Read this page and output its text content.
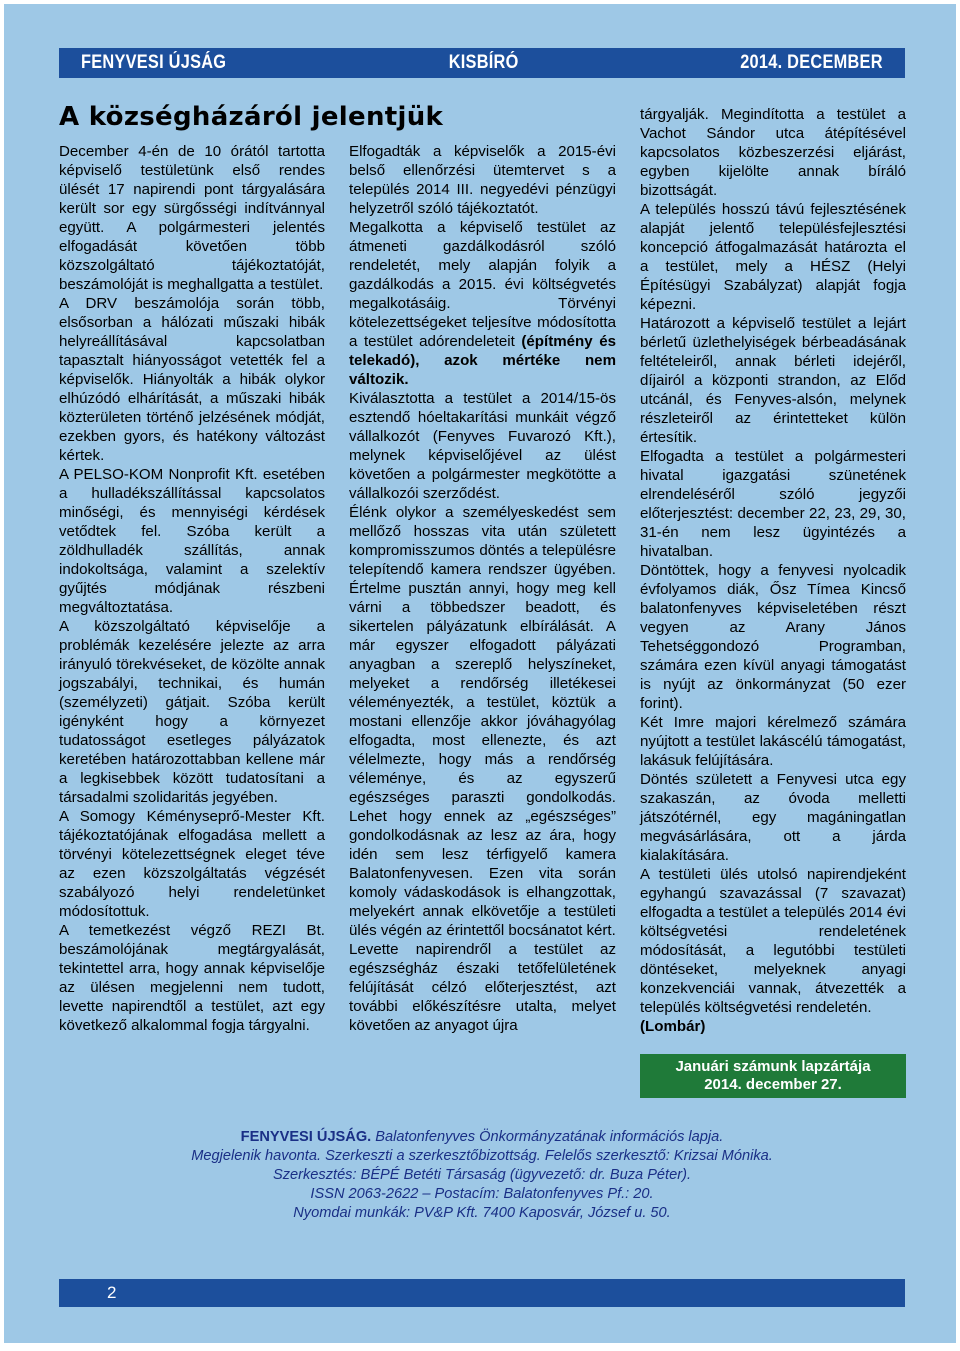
FENYVESI ÚJSÁG	KISBÍRÓ	2014. DECEMBER
A községházáról jelentjük

December 4-én de 10 órától tartotta képviselő testületünk első rendes ülését 17 napirendi pont tárgyalására került sor egy sürgősségi indítvánnyal együtt. A polgármesteri jelentés elfogadását követően több közszolgáltató tájékoztatóját, beszámolóját is meghallgatta a testület.

A DRV beszámolója során több, elsősorban a hálózati műszaki hibák helyreállításával kapcsolatban tapasztalt hiányosságot vetették fel a képviselők. Hiányolták a hibák olykor elhúzódó elhárítását, a műszaki hibák közterületen történő jelzésének módját, ezekben gyors, és hatékony változást kértek.

A PELSO-KOM Nonprofit Kft. esetében a hulladékszállítással kapcsolatos minőségi, és mennyiségi kérdések vetődtek fel. Szóba került a zöldhulladék szállítás, annak indokoltsága, valamint a szelektív gyűjtés módjának részbeni megváltoztatása.

A közszolgáltató képviselője a problémák kezelésére jelezte az arra irányuló törekvéseket, de közölte annak jogszabályi, technikai, és humán (személyzeti) gátjait. Szóba került igényként hogy a környezet tudatosságot esetleges pályázatok keretében határozottabban kellene már a legkisebbek között tudatosítani a társadalmi szolidaritás jegyében.

A Somogy Kéményseprő-Mester Kft. tájékoztatójának elfogadása mellett a törvényi kötelezettségnek eleget téve az ezen közszolgáltatás végzését szabályozó helyi rendeletünket módosítottuk.

A temetkezést végző REZI Bt. beszámolójának megtárgyalását, tekintettel arra, hogy annak képviselője az ülésen megjelenni nem tudott, levette napirendtől a testület, azt egy következő alkalommal fogja tárgyalni.

Elfogadták a képviselők a 2015-évi belső ellenőrzési ütemtervet s a település 2014 III. negyedévi pénzügyi helyzetről szóló tájékoztatót.

Megalkotta a képviselő testület az átmeneti gazdálkodásról szóló rendeletét, mely alapján folyik a gazdálkodás a 2015. évi költségvetés megalkotásáig. Törvényi kötelezettségeket teljesítve módosította a testület adórendeleteit (építmény és telekadó), azok mértéke nem változik.

Kiválasztotta a testület a 2014/15-ös esztendő hóeltakarítási munkáit végző vállalkozót (Fenyves Fuvarozó Kft.), melynek képviselőjével az ülést követően a polgármester megkötötte a vállalkozói szerződést.

Élénk olykor a személyeskedést sem mellőző hosszas vita után született kompromisszumos döntés a településre telepítendő kamera rendszer ügyében. Értelme pusztán annyi, hogy meg kell várni a többedszer beadott, és sikertelen pályázatunk elbírálását. A már egyszer elfogadott pályázati anyagban a szereplő helyszíneket, melyeket a rendőrség illetékesei véleményezték, a testület, köztük a mostani ellenzője akkor jóváhagyólag elfogadta, most ellenezte, és azt vélelmezte, hogy más a rendőrség véleménye, és az egyszerű egészséges paraszti gondolkodás. Lehet hogy ennek az „egészséges” gondolkodásnak az lesz az ára, hogy idén sem lesz térfigyelő kamera Balatonfenyvesen. Ezen vita során komoly vádaskodások is elhangzottak, melyekért annak elkövetője a testületi ülés végén az érintettől bocsánatot kért.

Levette napirendről a testület az egészségház északi tetőfelületének felújítását célzó előterjesztést, azt további előkészítésre utalta, melyet követően az anyagot újra

tárgyalják. Megindította a testület a Vachot Sándor utca átépítésével kapcsolatos közbeszerzési eljárást, egyben kijelölte annak bíráló bizottságát.

A település hosszú távú fejlesztésének alapját jelentő településfejlesztési koncepció átfogalmazását határozta el a testület, mely a HÉSZ (Helyi Építésügyi Szabályzat) alapját fogja képezni.

Határozott a képviselő testület a lejárt bérletű üzlethelyiségek bérbeadásának feltételeiről, annak bérleti idejéről, díjairól a központi strandon, az Előd utcánál, és Fenyves-alsón, melynek részleteiről az érintetteket külön értesítik.

Elfogadta a testület a polgármesteri hivatal igazgatási szünetének elrendeléséről szóló jegyzői előterjesztést: december 22, 23, 29, 30, 31-én nem lesz ügyintézés a hivatalban.

Döntöttek, hogy a fenyvesi nyolcadik évfolyamos diák, Ősz Tímea Kincső balatonfenyves képviseletében részt vegyen az Arany János Tehetséggondozó Programban, számára ezen kívül anyagi támogatást is nyújt az önkormányzat (50 ezer forint).

Két Imre majori kérelmező számára nyújtott a testület lakáscélú támogatást, lakásuk felújítására.

Döntés született a Fenyvesi utca egy szakaszán, az óvoda melletti játszótérnél, egy magáningatlan megvásárlására, ott a járda kialakítására.

A testületi ülés utolsó napirendjeként egyhangú szavazással (7 szavazat) elfogadta a testület a település 2014 évi költségvetési rendeletének módosítását, a legutóbbi testületi döntéseket, melyeknek anyagi konzekvenciái vannak, átvezették a település költségvetési rendeletén.

(Lombár)

Januári számunk lapzártája
2014. december 27.
FENYVESI ÚJSÁG. Balatonfenyves Önkormányzatának információs lapja.
Megjelenik havonta. Szerkeszti a szerkesztőbizottság. Felelős szerkesztő: Krizsai Mónika.
Szerkesztés: BÉPÉ Betéti Társaság (ügyvezető: dr. Buza Péter).
ISSN 2063-2622 – Postacím: Balatonfenyves Pf.: 20.
Nyomdai munkák: PV&P Kft. 7400 Kaposvár, József u. 50.
2
